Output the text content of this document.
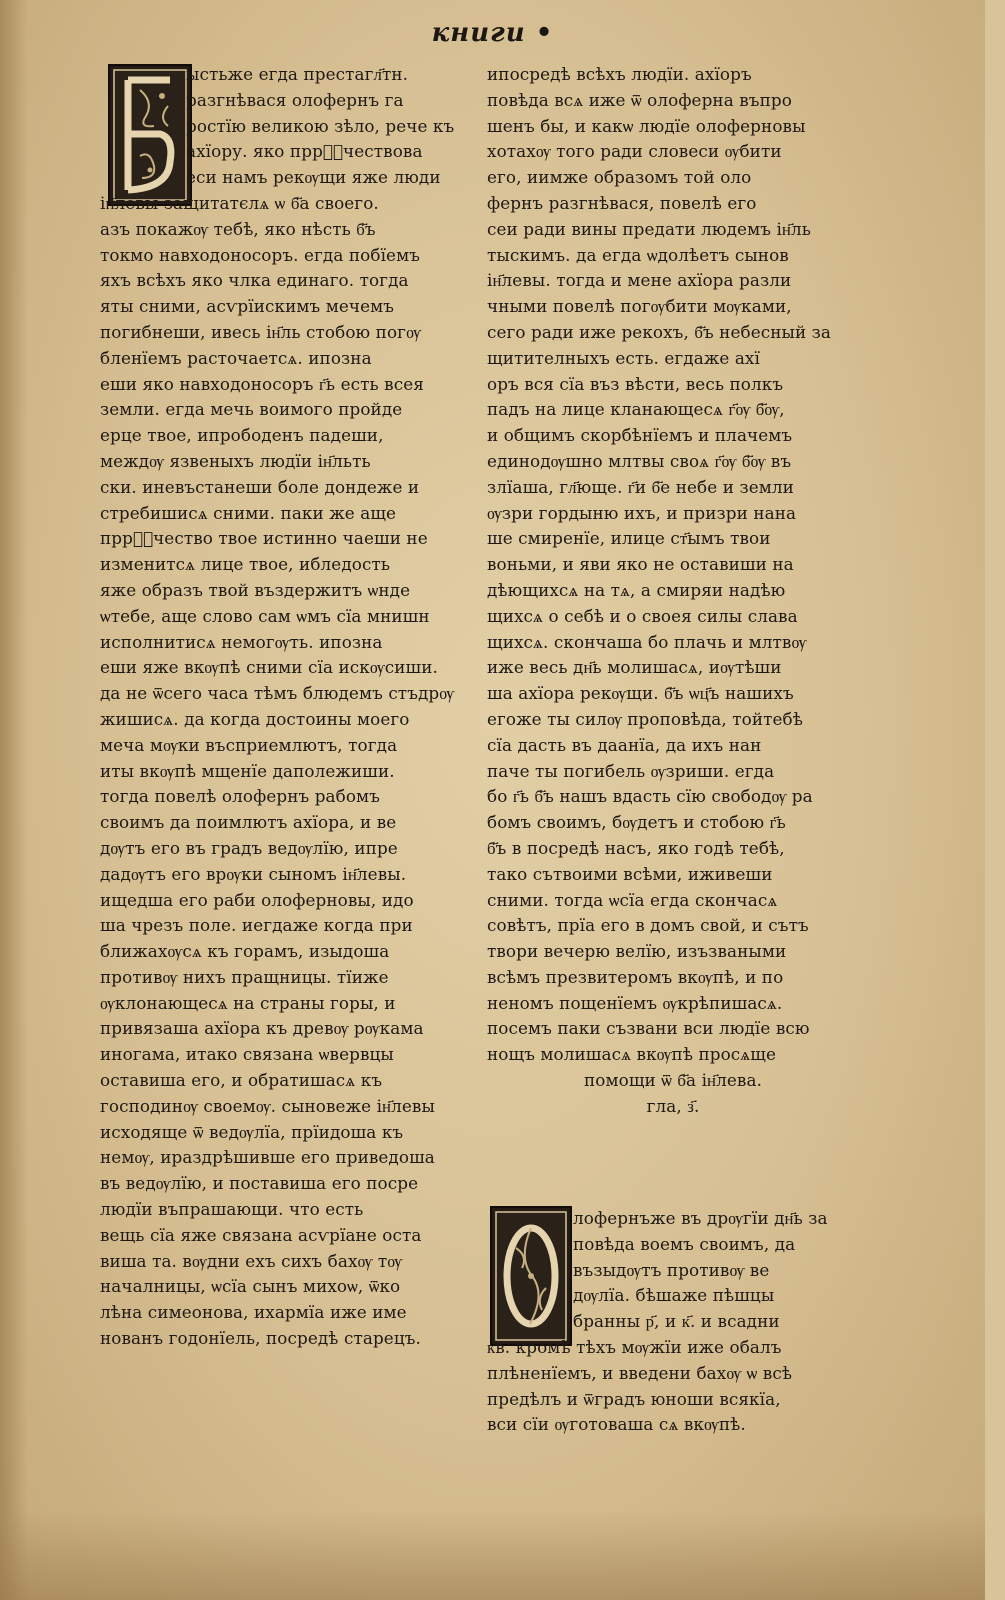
книги •
ыстьже егда престагл҃тн.
разгнѣвася олофернъ га
ростїю великою зѣло, рече къ
ахїору. яко пррⷪ҇чествова
еси намъ рекѹщи яже люди
ін҃левы защитатєлѧ ѡ б҃а своего.
азъ покажѹ тебѣ, яко нѣсть б҃ъ
токмо навходоносоръ. егда побїемъ
яхъ всѣхъ яко члка единаго. тогда
яты сними, асѵрїискимъ мечемъ
погибнеши, ивесь ін҃ль стобою погѹ
бленїемъ расточаетсѧ. ипозна
еши яко навходоносоръ г҃ь есть всея
земли. егда мечь воимого пройде
ерце твое, ипрободенъ падеши,
междѹ язвеныхъ людїи ін҃льть
ски. иневъстанеши боле дондеже и
стребишисѧ сними. паки же аще
пррⷪ҇чество твое истинно чаеши не
изменитсѧ лице твое, ибледость
яже образъ твой въздержитъ ѡнде
ѡтебе, аще слово сам ѡмъ сїа мнишн
исполнитисѧ немогѹть. ипозна
еши яже вкѹпѣ сними сїа искѹсиши.
да не ѿсего часа тѣмъ блюдемъ стъдрѹ
жишисѧ. да когда достоины моего
меча мѹки въсприемлютъ, тогда
иты вкѹпѣ мщенїе даполежиши.
тогда повелѣ олофернъ рабомъ
своимъ да поимлютъ ахїора, и ве
дѹтъ его въ градъ ведѹлїю, ипре
дадѹтъ его врѹки сыномъ ін҃левы.
ищедша его раби олоферновы, идо
ша чрезъ поле. иегдаже когда при
ближахѹсѧ къ горамъ, изыдоша
противѹ нихъ пращницы. тїиже
ѹклонающесѧ на страны горы, и
привязаша ахїора къ древѹ рѹкама
иногама, итако связана ѡвервцы
оставиша его, и обратишасѧ къ
господинѹ своемѹ. сыновеже ін҃левы
исходяще ѿ ведѹлїа, прїидоша къ
немѹ, ираздрѣшивше его приведоша
въ ведѹлїю, и поставиша его посре
людїи въпрашающи. что есть
вещь сїа яже связана асѵрїане оста
виша та. вѹдни ехъ сихъ бахѹ тѹ
началницы, ѡсїа сынъ михоѡ, ѿко
лѣна симеонова, ихармїа иже име
нованъ годонїель, посредѣ старецъ.
ипосредѣ всѣхъ людїи. ахїоръ
повѣда всѧ иже ѿ олоферна въпро
шенъ бы, и какѡ людїе олоферновы
хотахѹ того ради словеси ѹбити
его, иимже образомъ той оло
фернъ разгнѣвася, повелѣ его
сеи ради вины предати людемъ ін҃ль
тыскимъ. да егда ѡдолѣетъ сынов
ін҃левы. тогда и мене ахїора разли
чными повелѣ погѹбити мѹками,
сего ради иже рекохъ, б҃ъ небесный за
щитителныхъ есть. егдаже ахї
оръ вся сїа въз вѣсти, весь полкъ
падъ на лице кланающесѧ г҃ѹ б҃ѹ,
и общимъ скорбѣнїемъ и плачемъ
единодѹшно млтвы своѧ г҃ѹ б҃ѹ въ
злїаша, гл҃юще. г҃и б҃е небе и земли
ѹзри гордыню ихъ, и призри нана
ше смиренїе, илице ст҃ымъ твои
воньми, и яви яко не оставиши на
дѣющихсѧ на тѧ, а смиряи надѣю
щихсѧ о себѣ и о своея силы слава
щихсѧ. скончаша бо плачь и млтвѹ
иже весь дн҃ь молишасѧ, иѹтѣши
ша ахїора рекѹщи. б҃ъ ѡц҃ъ нашихъ
егоже ты силѹ проповѣда, тойтебѣ
сїа дасть въ даанїа, да ихъ нан
паче ты погибель ѹзриши. егда
бо г҃ь б҃ъ нашъ вдасть сїю свободѹ ра
бомъ своимъ, бѹдетъ и стобою г҃ь
б҃ъ в посредѣ насъ, яко годѣ тебѣ,
тако сътвоими всѣми, иживеши
сними. тогда ѡсїа егда скончасѧ
совѣтъ, прїа его в домъ свой, и сътъ
твори вечерю велїю, изъзваными
всѣмъ презвитеромъ вкѹпѣ, и по
неномъ пощенїемъ ѹкрѣпишасѧ.
посемъ паки съзвани вси людїе всю
нощъ молишасѧ вкѹпѣ просѧще
помощи ѿ б҃а ін҃лева.
гла, з҃.
лофернъже въ дрѹгїи дн҃ь за
повѣда воемъ своимъ, да
възыдѹтъ противѹ ве
дѹлїа. бѣшаже пѣшцы
бранны р҃, и к҃. и всадни
к҃в. кромѣ тѣхъ мѹжїи иже обалъ
плѣненїемъ, и введени бахѹ ѡ всѣ
предѣлъ и ѿградъ юноши всякїа,
вси сїи ѹготоваша сѧ вкѹпѣ.
